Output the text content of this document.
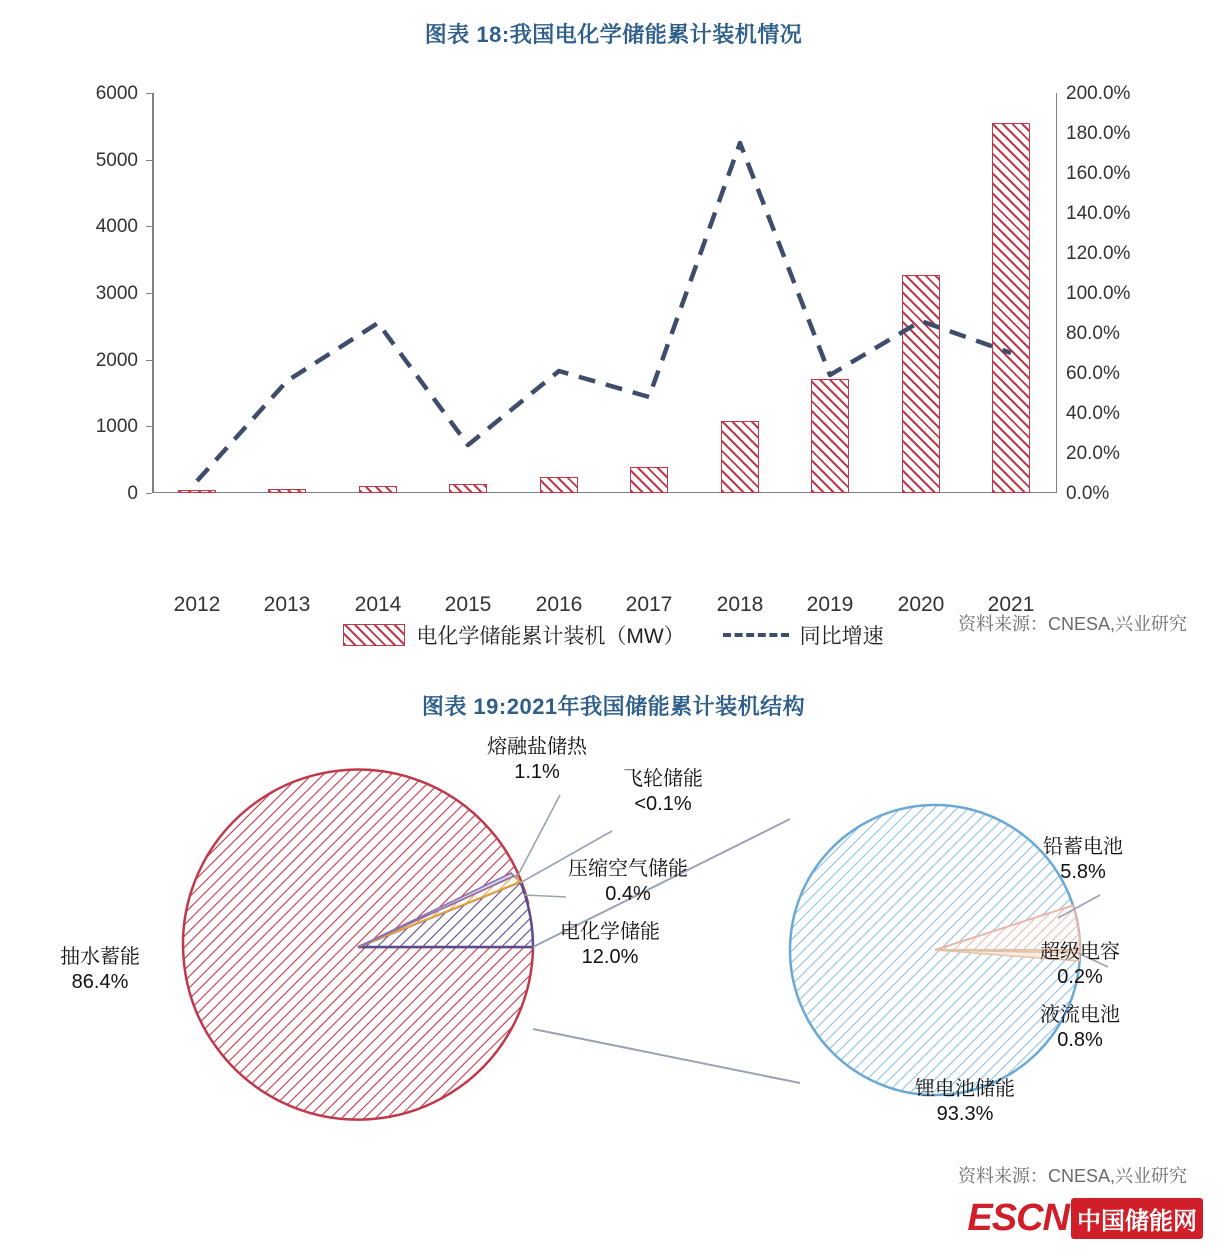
图表 18:我国电化学储能累计装机情况
0
1000
2000
3000
4000
5000
6000
0.0%
20.0%
40.0%
60.0%
80.0%
100.0%
120.0%
140.0%
160.0%
180.0%
200.0%
2012	2013	2014	2015	2016	2017	2018	2019	2020	2021
电化学储能累计装机（MW）	同比增速
资料来源：CNESA,兴业研究
图表 19:2021年我国储能累计装机结构
抽水蓄能
86.4%
熔融盐储热
1.1%	飞轮储能
<0.1%
压缩空气储能
0.4%
电化学储能
12.0%
铅蓄电池
5.8%
超级电容
0.2%
液流电池
0.8%
锂电池储能
93.3%
资料来源：CNESA,兴业研究
ESCN 中国储能网
